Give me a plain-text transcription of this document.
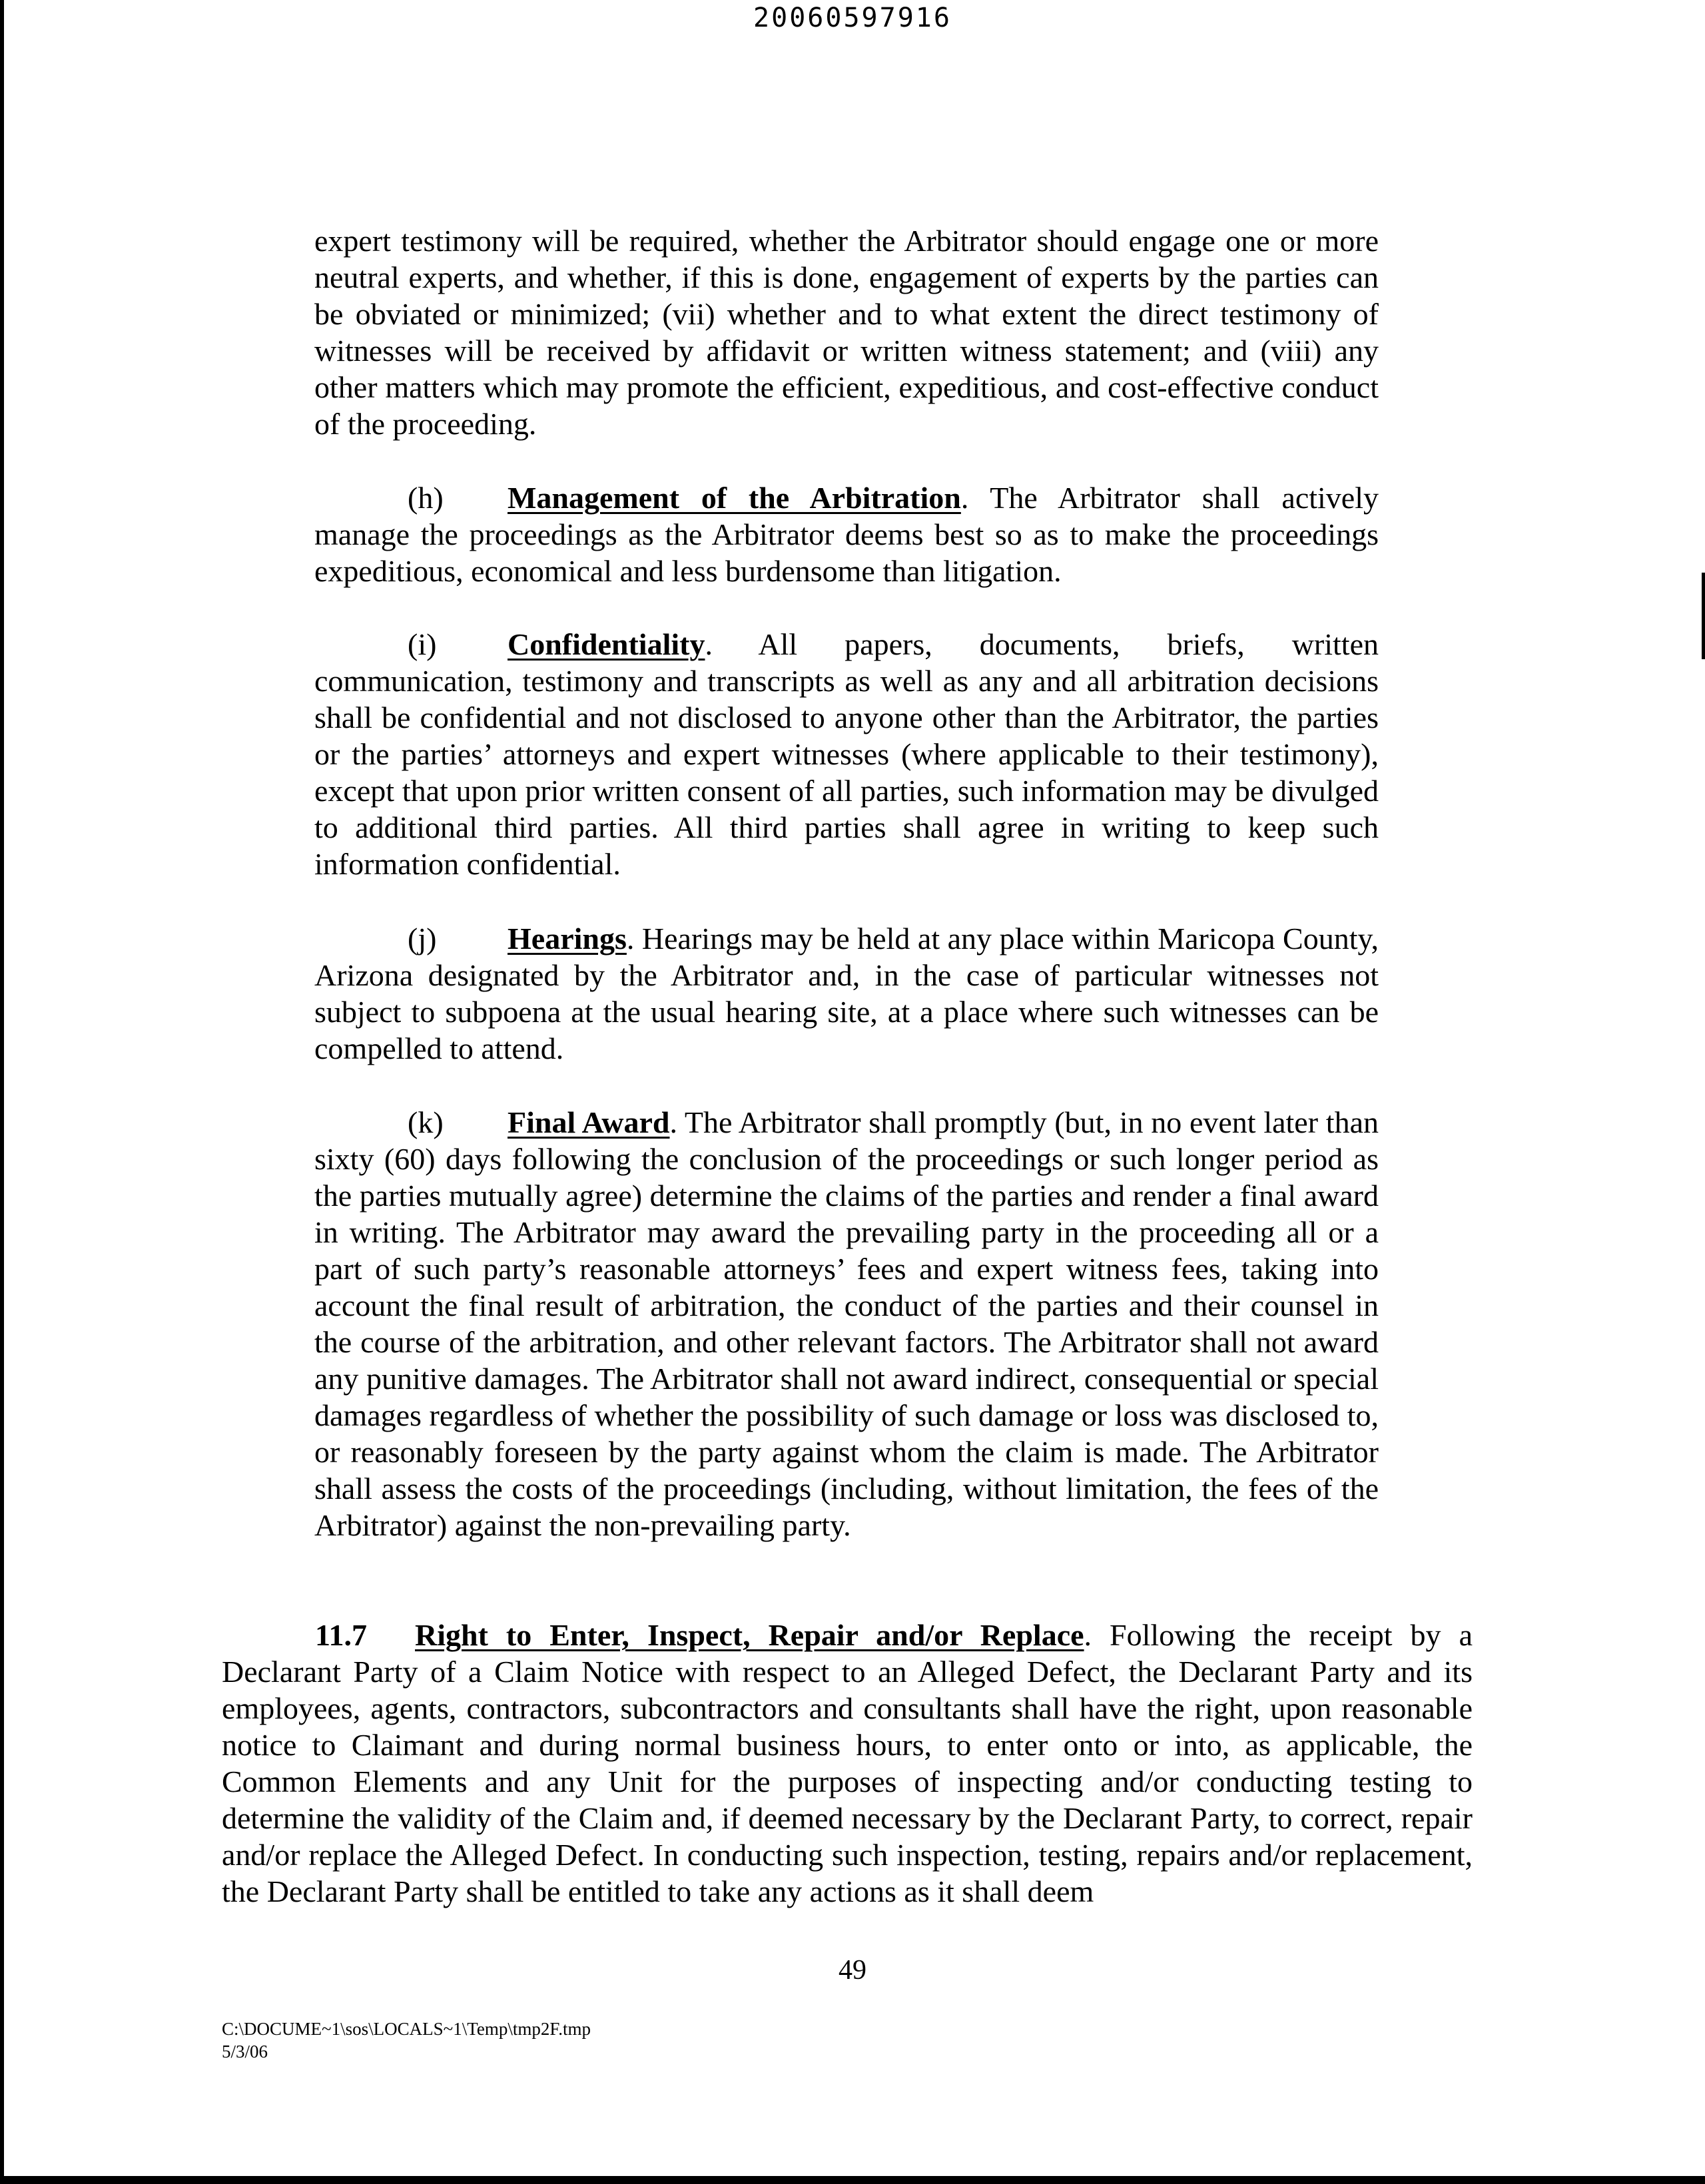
20060597916
expert testimony will be required, whether the Arbitrator should engage one or more neutral experts, and whether, if this is done, engagement of experts by the parties can be obviated or minimized; (vii) whether and to what extent the direct testimony of witnesses will be received by affidavit or written witness statement; and (viii) any other matters which may promote the efficient, expeditious, and cost-effective conduct of the proceeding.
(h) Management of the Arbitration. The Arbitrator shall actively manage the proceedings as the Arbitrator deems best so as to make the proceedings expeditious, economical and less burdensome than litigation.
(i) Confidentiality. All papers, documents, briefs, written communication, testimony and transcripts as well as any and all arbitration decisions shall be confidential and not disclosed to anyone other than the Arbitrator, the parties or the parties’ attorneys and expert witnesses (where applicable to their testimony), except that upon prior written consent of all parties, such information may be divulged to additional third parties. All third parties shall agree in writing to keep such information confidential.
(j) Hearings. Hearings may be held at any place within Maricopa County, Arizona designated by the Arbitrator and, in the case of particular witnesses not subject to subpoena at the usual hearing site, at a place where such witnesses can be compelled to attend.
(k) Final Award. The Arbitrator shall promptly (but, in no event later than sixty (60) days following the conclusion of the proceedings or such longer period as the parties mutually agree) determine the claims of the parties and render a final award in writing. The Arbitrator may award the prevailing party in the proceeding all or a part of such party’s reasonable attorneys’ fees and expert witness fees, taking into account the final result of arbitration, the conduct of the parties and their counsel in the course of the arbitration, and other relevant factors. The Arbitrator shall not award any punitive damages. The Arbitrator shall not award indirect, consequential or special damages regardless of whether the possibility of such damage or loss was disclosed to, or reasonably foreseen by the party against whom the claim is made. The Arbitrator shall assess the costs of the proceedings (including, without limitation, the fees of the Arbitrator) against the non-prevailing party.
11.7 Right to Enter, Inspect, Repair and/or Replace. Following the receipt by a Declarant Party of a Claim Notice with respect to an Alleged Defect, the Declarant Party and its employees, agents, contractors, subcontractors and consultants shall have the right, upon reasonable notice to Claimant and during normal business hours, to enter onto or into, as applicable, the Common Elements and any Unit for the purposes of inspecting and/or conducting testing to determine the validity of the Claim and, if deemed necessary by the Declarant Party, to correct, repair and/or replace the Alleged Defect. In conducting such inspection, testing, repairs and/or replacement, the Declarant Party shall be entitled to take any actions as it shall deem
49
C:\DOCUME~1\sos\LOCALS~1\Temp\tmp2F.tmp
5/3/06
